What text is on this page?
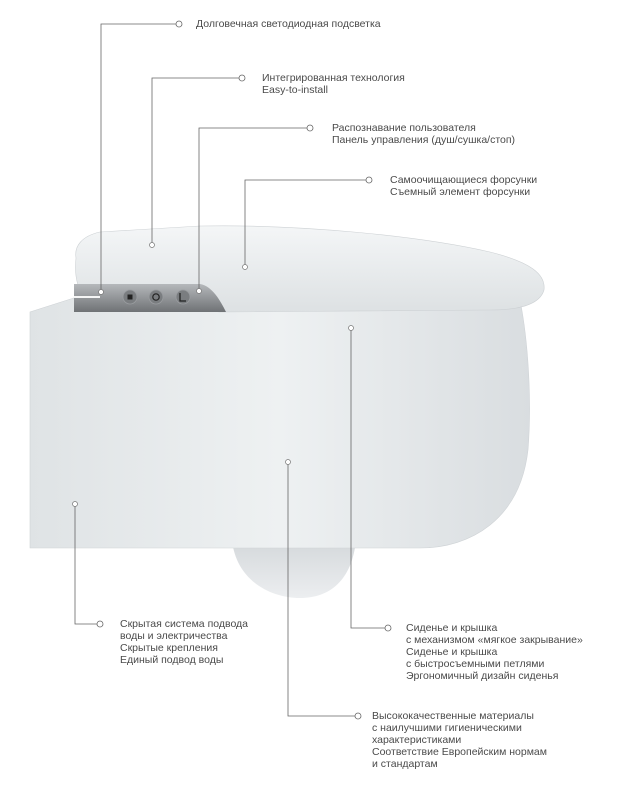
Долговечная светодиодная подсветка
Интегрированная технология
Easy-to-install
Распознавание пользователя
Панель управления (душ/сушка/стоп)
Самоочищающиеся форсунки
Съемный элемент форсунки
Скрытая система подвода
воды и электричества
Скрытые крепления
Единый подвод воды
Сиденье и крышка
с механизмом «мягкое закрывание»
Сиденье и крышка
с быстросъемными петлями
Эргономичный дизайн сиденья
Высококачественные материалы
с наилучшими гигиеническими
характеристиками
Соответствие Европейским нормам
и стандартам
